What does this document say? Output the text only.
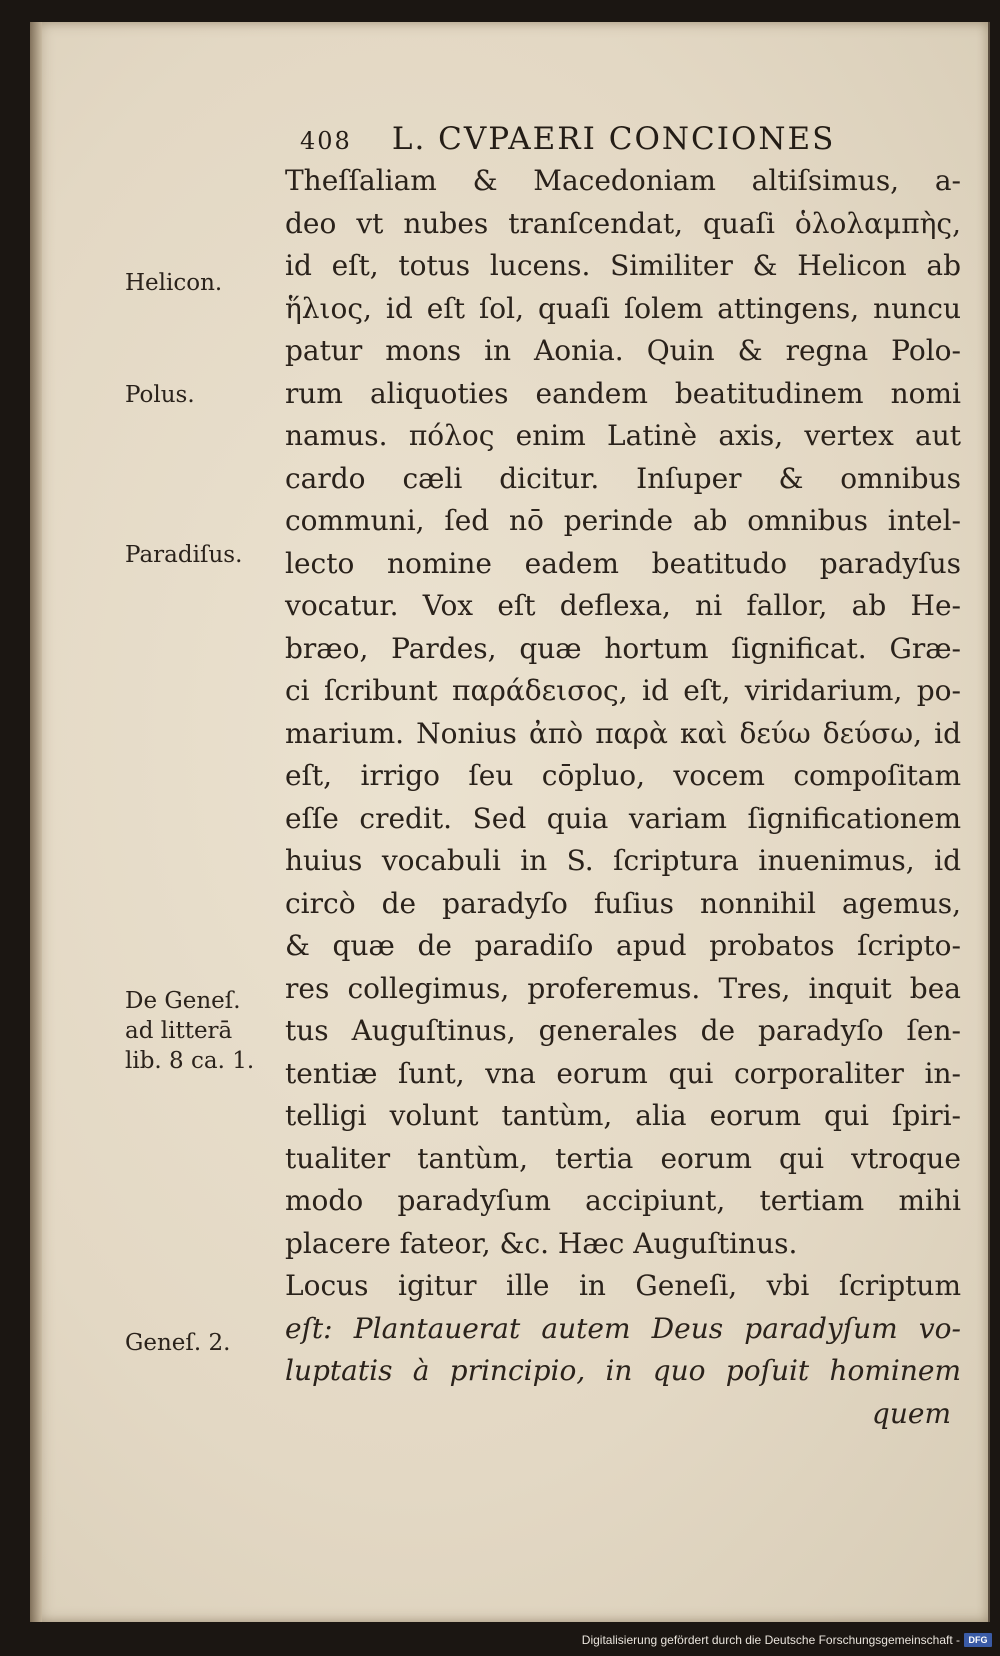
408 L. CVPAERI CONCIONES
Theſſaliam & Macedoniam altiſsimus, a-
deo vt nubes tranſcendat, quaſi ὁλολαμπὴς,
id eſt, totus lucens. Similiter & Helicon ab
ἥλιος, id eſt ſol, quaſi ſolem attingens, nuncu
patur mons in Aonia. Quin & regna Polo-
rum aliquoties eandem beatitudinem nomi
namus. πόλος enim Latinè axis, vertex aut
cardo cæli dicitur. Inſuper & omnibus
communi, ſed nō perinde ab omnibus intel-
lecto nomine eadem beatitudo paradyſus
vocatur. Vox eſt deflexa, ni fallor, ab He-
bræo, Pardes, quæ hortum ſignificat. Græ-
ci ſcribunt παράδεισος, id eſt, viridarium, po-
marium. Nonius ἀπὸ παρὰ καὶ δεύω δεύσω, id
eſt, irrigo ſeu cōpluo, vocem compoſitam
eſſe credit. Sed quia variam ſignificationem
huius vocabuli in S. ſcriptura inuenimus, id
circò de paradyſo fuſius nonnihil agemus,
& quæ de paradiſo apud probatos ſcripto-
res collegimus, proferemus. Tres, inquit bea
tus Auguſtinus, generales de paradyſo ſen-
tentiæ ſunt, vna eorum qui corporaliter in-
telligi volunt tantùm, alia eorum qui ſpiri-
tualiter tantùm, tertia eorum qui vtroque
modo paradyſum accipiunt, tertiam mihi
placere fateor, &c. Hæc Auguſtinus.
Locus igitur ille in Geneſi, vbi ſcriptum
eſt: Plantauerat autem Deus paradyſum vo-
luptatis à principio, in quo poſuit hominem
quem
Helicon.
Polus.
Paradiſus.
De Geneſ.
ad litterā
lib. 8 ca. 1.
Geneſ. 2.
Digitalisierung gefördert durch die Deutsche Forschungsgemeinschaft - DFG
